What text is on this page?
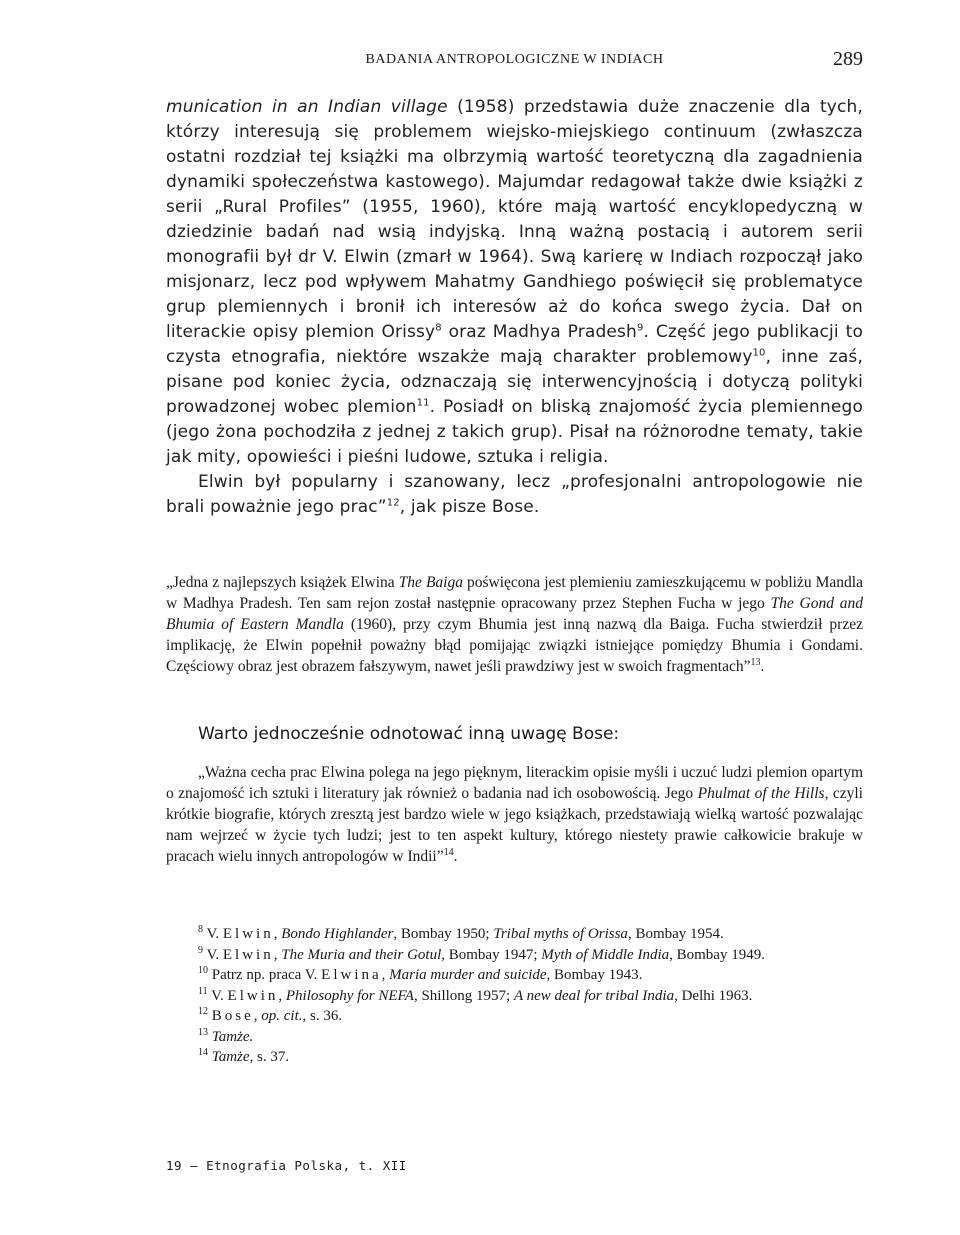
BADANIA ANTROPOLOGICZNE W INDIACH	289

munication in an Indian village (1958) przedstawia duże znaczenie dla tych, którzy interesują się problemem wiejsko-miejskiego continuum (zwłaszcza ostatni rozdział tej książki ma olbrzymią wartość teoretyczną dla zagadnienia dynamiki społeczeństwa kastowego). Majumdar redagował także dwie książki z serii „Rural Profiles” (1955, 1960), które mają wartość encyklopedyczną w dziedzinie badań nad wsią indyjską. Inną ważną postacią i autorem serii monografii był dr V. Elwin (zmarł w 1964). Swą karierę w Indiach rozpoczął jako misjonarz, lecz pod wpływem Mahatmy Gandhiego poświęcił się problematyce grup plemiennych i bronił ich interesów aż do końca swego życia. Dał on literackie opisy plemion Orissy$^8$ oraz Madhya Pradesh$^9$. Część jego publikacji to czysta etnografia, niektóre wszakże mają charakter problemowy$^{10}$, inne zaś, pisane pod koniec życia, odznaczają się interwencyjnością i dotyczą polityki prowadzonej wobec plemion$^{11}$. Posiadł on bliską znajomość życia plemiennego (jego żona pochodziła z jednej z takich grup). Pisał na różnorodne tematy, takie jak mity, opowieści i pieśni ludowe, sztuka i religia.

Elwin był popularny i szanowany, lecz „profesjonalni antropologowie nie brali poważnie jego prac”$^{12}$, jak pisze Bose.

„Jedna z najlepszych książek Elwina The Baiga poświęcona jest plemieniu zamieszkującemu w pobliżu Mandla w Madhya Pradesh. Ten sam rejon został następnie opracowany przez Stephen Fucha w jego The Gond and Bhumia of Eastern Mandla (1960), przy czym Bhumia jest inną nazwą dla Baiga. Fucha stwierdził przez implikację, że Elwin popełnił poważny błąd pomijając związki istniejące pomiędzy Bhumia i Gondami. Częściowy obraz jest obrazem fałszywym, nawet jeśli prawdziwy jest w swoich fragmentach”$^{13}$.

Warto jednocześnie odnotować inną uwagę Bose:

„Ważna cecha prac Elwina polega na jego pięknym, literackim opisie myśli i uczuć ludzi plemion opartym o znajomość ich sztuki i literatury jak również o badania nad ich osobowością. Jego Phulmat of the Hills, czyli krótkie biografie, których zresztą jest bardzo wiele w jego książkach, przedstawiają wielką wartość pozwalając nam wejrzeć w życie tych ludzi; jest to ten aspekt kultury, którego niestety prawie całkowicie brakuje w pracach wielu innych antropologów w Indii”$^{14}$.

$^8$ V. Elwin, Bondo Highlander, Bombay 1950; Tribal myths of Orissa, Bombay 1954.

$^9$ V. Elwin, The Muria and their Gotul, Bombay 1947; Myth of Middle India, Bombay 1949.

$^{10}$ Patrz np. praca V. Elwina, Maria murder and suicide, Bombay 1943.

$^{11}$ V. Elwin, Philosophy for NEFA, Shillong 1957; A new deal for tribal India, Delhi 1963.

$^{12}$ Bose, op. cit., s. 36.

$^{13}$ Tamże.

$^{14}$ Tamże, s. 37.

19 — Etnografia Polska, t. XII
